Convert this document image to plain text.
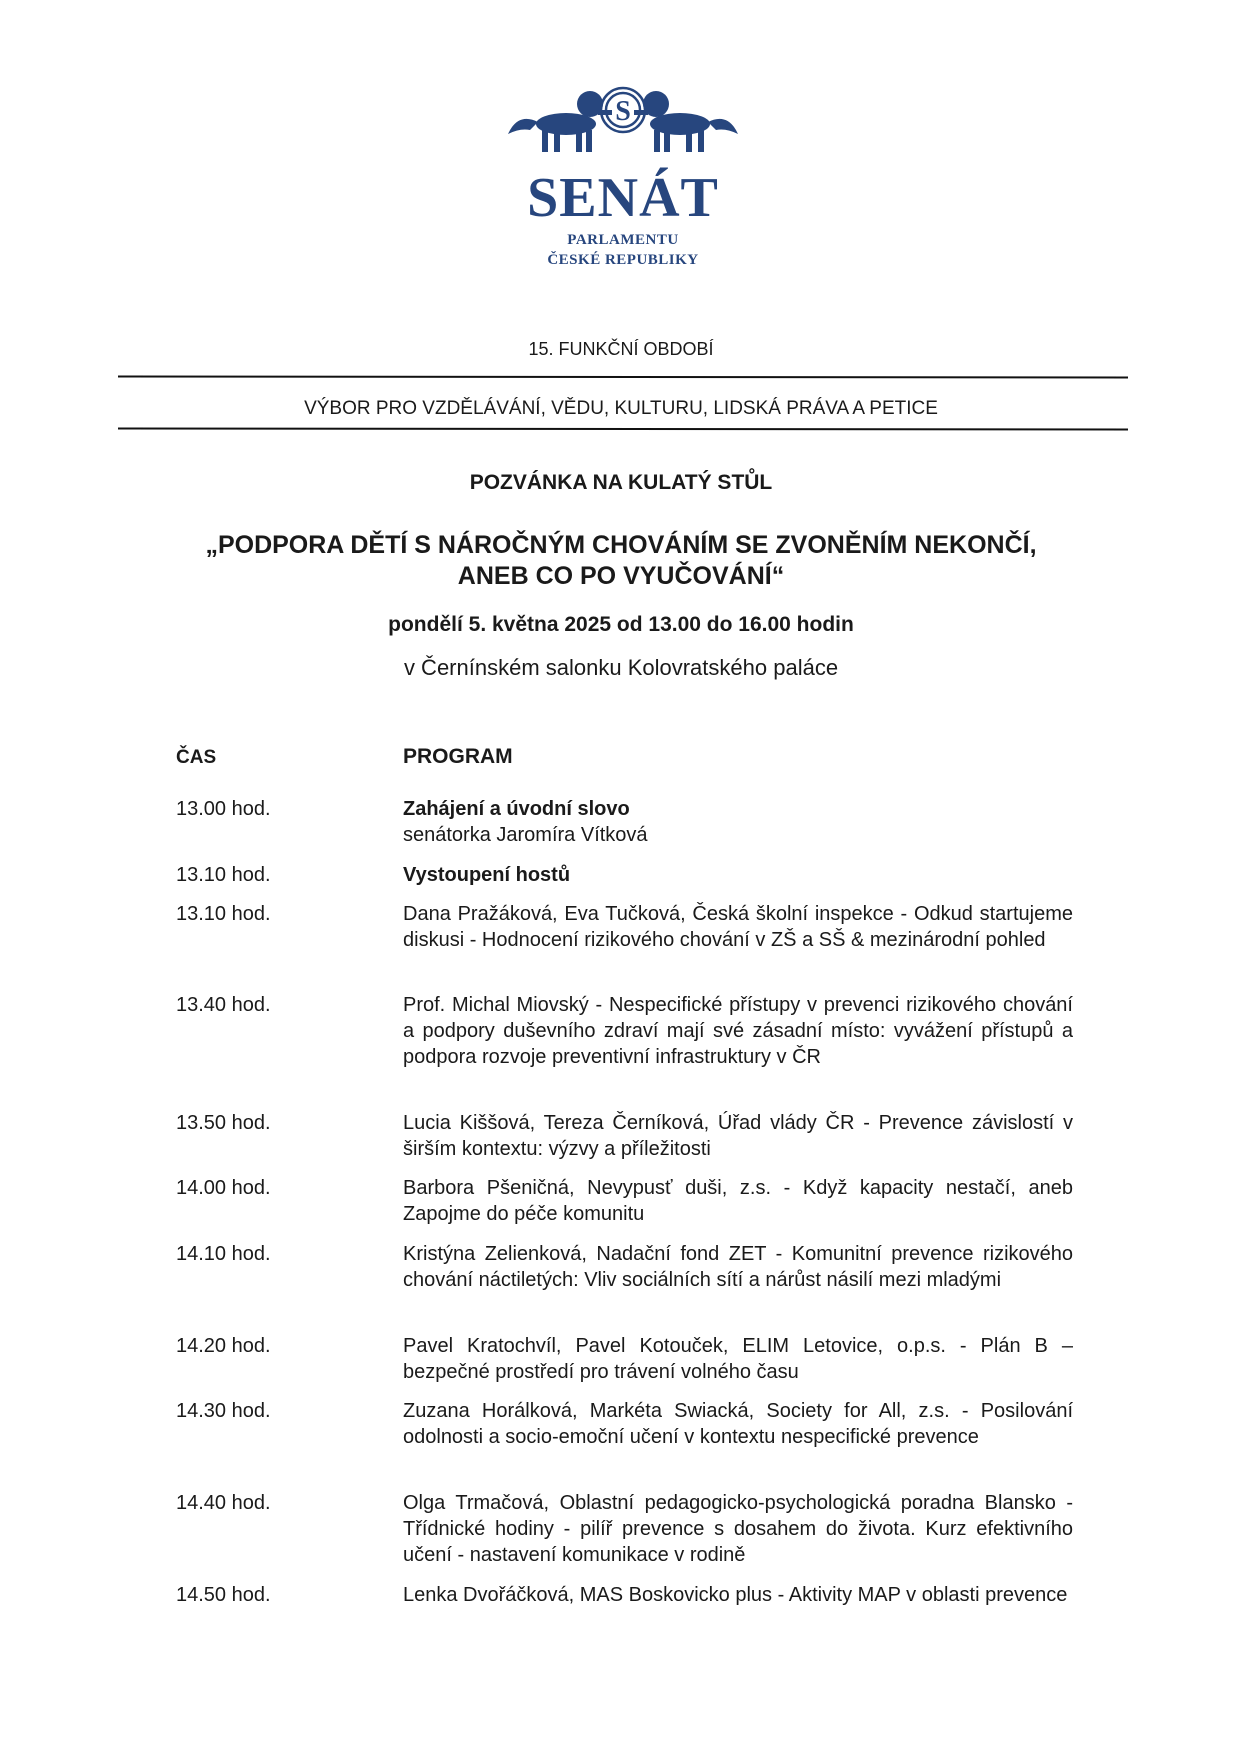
S
SENÁT
PARLAMENTU
ČESKÉ REPUBLIKY
15. FUNKČNÍ OBDOBÍ
VÝBOR PRO VZDĚLÁVÁNÍ, VĚDU, KULTURU, LIDSKÁ PRÁVA A PETICE
POZVÁNKA NA KULATÝ STŮL
„PODPORA DĚTÍ S NÁROČNÝM CHOVÁNÍM SE ZVONĚNÍM NEKONČÍ,
ANEB CO PO VYUČOVÁNÍ“
pondělí 5. května 2025 od 13.00 do 16.00 hodin
v Černínském salonku Kolovratského paláce
ČAS	PROGRAM
13.00 hod.	Zahájení a úvodní slovo
senátorka Jaromíra Vítková
13.10 hod.	Vystoupení hostů
13.10 hod.	Dana Pražáková, Eva Tučková, Česká školní inspekce - Odkud startujeme diskusi - Hodnocení rizikového chování v ZŠ a SŠ & mezinárodní pohled
13.40 hod.	Prof. Michal Miovský - Nespecifické přístupy v prevenci rizikového chování a podpory duševního zdraví mají své zásadní místo: vyvážení přístupů a podpora rozvoje preventivní infrastruktury v ČR
13.50 hod.	Lucia Kiššová, Tereza Černíková, Úřad vlády ČR - Prevence závislostí v širším kontextu: výzvy a příležitosti
14.00 hod.	Barbora Pšeničná, Nevypusť duši, z.s. - Když kapacity nestačí, aneb Zapojme do péče komunitu
14.10 hod.	Kristýna Zelienková, Nadační fond ZET - Komunitní prevence rizikového chování náctiletých: Vliv sociálních sítí a nárůst násilí mezi mladými
14.20 hod.	Pavel Kratochvíl, Pavel Kotouček, ELIM Letovice, o.p.s. - Plán B – bezpečné prostředí pro trávení volného času
14.30 hod.	Zuzana Horálková, Markéta Swiacká, Society for All, z.s. - Posilování odolnosti a socio-emoční učení v kontextu nespecifické prevence
14.40 hod.	Olga Trmačová, Oblastní pedagogicko-psychologická poradna Blansko - Třídnické hodiny - pilíř prevence s dosahem do života. Kurz efektivního učení - nastavení komunikace v rodině
14.50 hod.	Lenka Dvořáčková, MAS Boskovicko plus - Aktivity MAP v oblasti prevence
